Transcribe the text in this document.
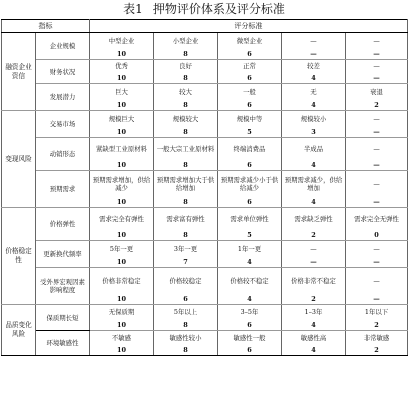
表1 押物评价体系及评分标准
指标		评分标准				
融资企业资信	企业规模	中型企业	小型企业	微型企业	—	—
		10	8	6	—	—
	财务状况	优秀	良好	正常	较差	—
		10	8	6	4	—
	发展潜力	巨大	较大	一般	无	衰退
		10	8	6	4	2
变现风险	交易市场	规模巨大	规模较大	规模中等	规模较小	—
		10	8	5	3	—
	动销形态	紧缺型工业原材料	一般大宗工业原材料	终端消费品	半成品	—
		10	8	6	4	—
	预期需求	预期需求增加，供给减少	预期需求增加大于供给增加	预期需求减少小于供给减少	预期需求减少，供给增加	—
		10	8	6	4	—
价格稳定性	价格弹性	需求完全有弹性	需求富有弹性	需求单位弹性	需求缺乏弹性	需求完全无弹性
		10	8	5	2	0
	更新换代频率	5年一更	3年一更	1年一更	—	—
		10	7	4	—	—
	受外界宏观因素影响程度	价格非常稳定	价格较稳定	价格较不稳定	价格非常不稳定	—
		10	6	4	2	—
品质变化风险	保质期长短	无保质期	5年以上	3–5年	1–3年	1年以下
		10	8	6	4	2
	环境敏感性	不敏感	敏感性较小	敏感性一般	敏感性高	非常敏感
		10	8	6	4	2
